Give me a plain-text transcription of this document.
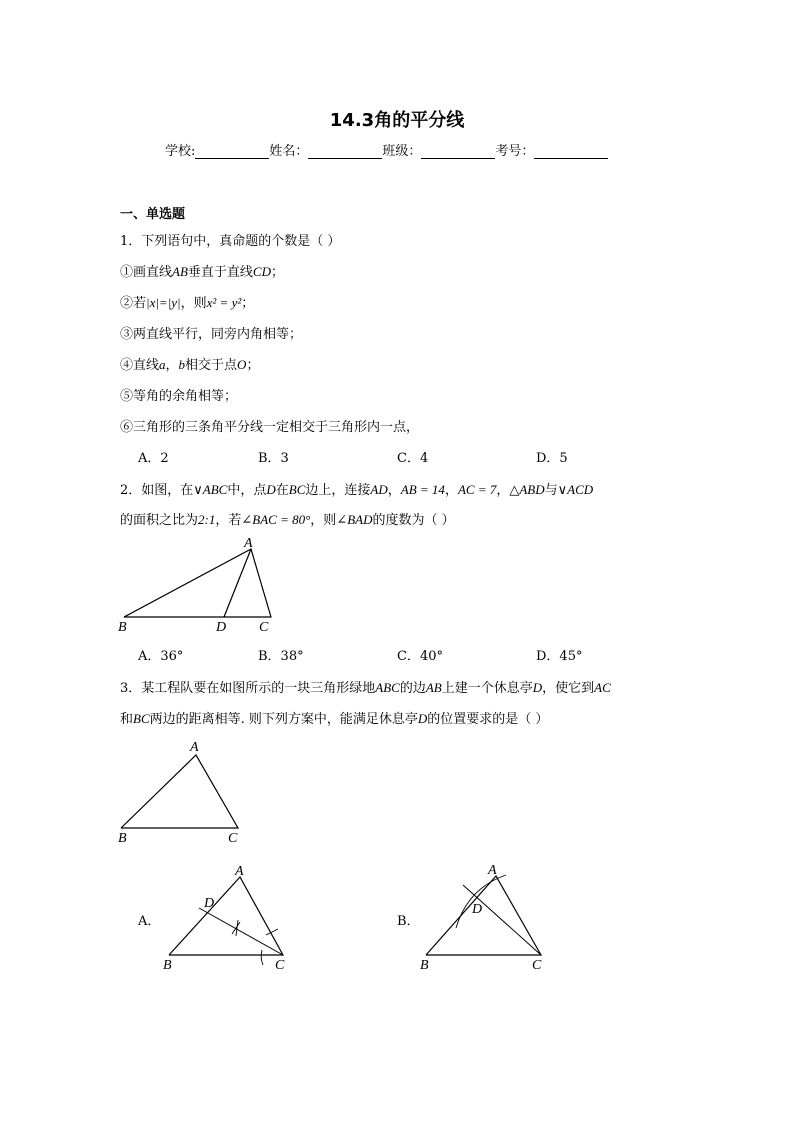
14.3角的平分线
学校:	姓名：	班级：	考号：
一、单选题
1．下列语句中，真命题的个数是（ ）
①画直线AB垂直于直线CD；
②若|x|=|y|，则x² = y²；
③两直线平行，同旁内角相等；
④直线a，b相交于点O；
⑤等角的余角相等；
⑥三角形的三条角平分线一定相交于三角形内一点，
A．2	B．3	C．4	D．5
2．如图，在∨ABC中，点D在BC边上，连接AD，AB = 14，AC = 7，△ABD与∨ACD
的面积之比为2:1，若∠BAC = 80°，则∠BAD的度数为（ ）
A
B	D C
A．36°	B．38°	C．40°	D．45°
3．某工程队要在如图所示的一块三角形绿地ABC的边AB上建一个休息亭D，使它到AC
和BC两边的距离相等. 则下列方案中，能满足休息亭D的位置要求的是（ ）
A
B	C
A．
A
D
B	C
B．
A
D
B	C
